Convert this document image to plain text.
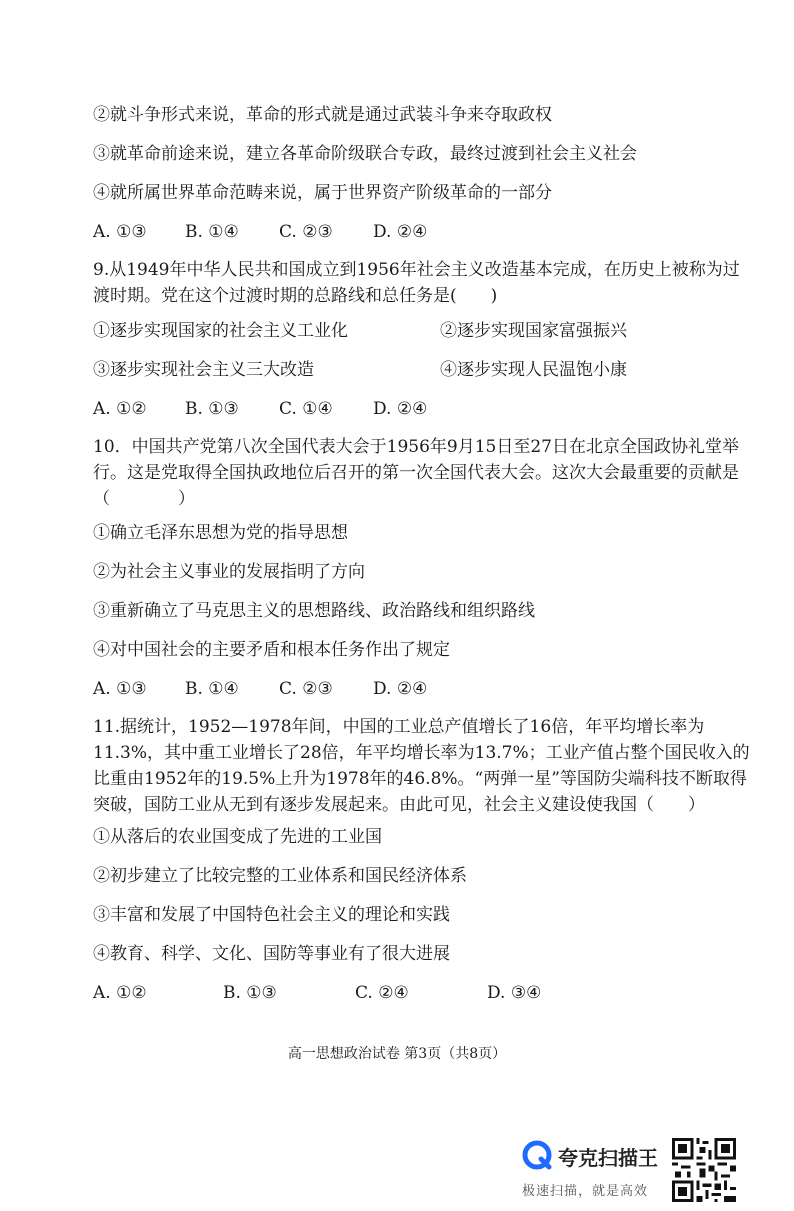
②就斗争形式来说，革命的形式就是通过武装斗争来夺取政权
③就革命前途来说，建立各革命阶级联合专政，最终过渡到社会主义社会
④就所属世界革命范畴来说，属于世界资产阶级革命的一部分
A. ①③ B. ①④ C. ②③ D. ②④
9.从1949年中华人民共和国成立到1956年社会主义改造基本完成，在历史上被称为过渡时期。党在这个过渡时期的总路线和总任务是(　　)
①逐步实现国家的社会主义工业化	②逐步实现国家富强振兴
③逐步实现社会主义三大改造	④逐步实现人民温饱小康
A. ①② B. ①③ C. ①④ D. ②④
10．中国共产党第八次全国代表大会于1956年9月15日至27日在北京全国政协礼堂举行。这是党取得全国执政地位后召开的第一次全国代表大会。这次大会最重要的贡献是（　　　　）
①确立毛泽东思想为党的指导思想
②为社会主义事业的发展指明了方向
③重新确立了马克思主义的思想路线、政治路线和组织路线
④对中国社会的主要矛盾和根本任务作出了规定
A. ①③ B. ①④ C. ②③ D. ②④
11.据统计，1952—1978年间，中国的工业总产值增长了16倍，年平均增长率为11.3%，其中重工业增长了28倍，年平均增长率为13.7%；工业产值占整个国民收入的比重由1952年的19.5%上升为1978年的46.8%。“两弹一星”等国防尖端科技不断取得突破，国防工业从无到有逐步发展起来。由此可见，社会主义建设使我国（　　）
①从落后的农业国变成了先进的工业国
②初步建立了比较完整的工业体系和国民经济体系
③丰富和发展了中国特色社会主义的理论和实践
④教育、科学、文化、国防等事业有了很大进展
A. ①②	B. ①③	C. ②④	D. ③④
高一思想政治试卷 第3页（共8页）
夸克扫描王
极速扫描，就是高效
